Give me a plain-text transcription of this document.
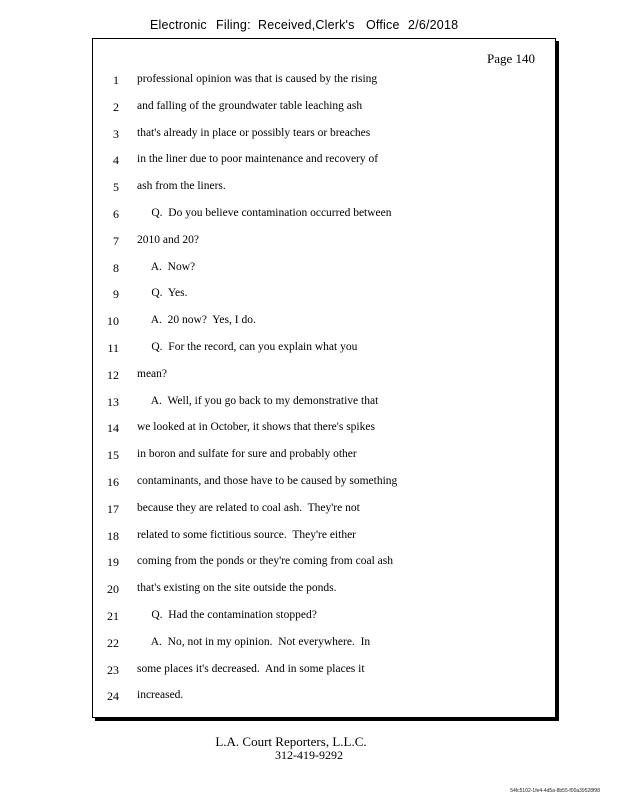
Electronic Filing: Received,Clerk's Office 2/6/2018
Page 140
1 professional opinion was that is caused by the rising
2 and falling of the groundwater table leaching ash
3 that's already in place or possibly tears or breaches
4 in the liner due to poor maintenance and recovery of
5 ash from the liners.
6 Q.  Do you believe contamination occurred between
7 2010 and 20?
8 A.  Now?
9 Q.  Yes.
10 A.  20 now?  Yes, I do.
11 Q.  For the record, can you explain what you
12 mean?
13 A.  Well, if you go back to my demonstrative that
14 we looked at in October, it shows that there's spikes
15 in boron and sulfate for sure and probably other
16 contaminants, and those have to be caused by something
17 because they are related to coal ash.  They're not
18 related to some fictitious source.  They're either
19 coming from the ponds or they're coming from coal ash
20 that's existing on the site outside the ponds.
21 Q.  Had the contamination stopped?
22 A.  No, not in my opinion.  Not everywhere.  In
23 some places it's decreased.  And in some places it
24 increased.
L.A. Court Reporters, L.L.C.
312-419-9292
54fc5102-1fe4-4d5a-8b55-f00a39528f98
